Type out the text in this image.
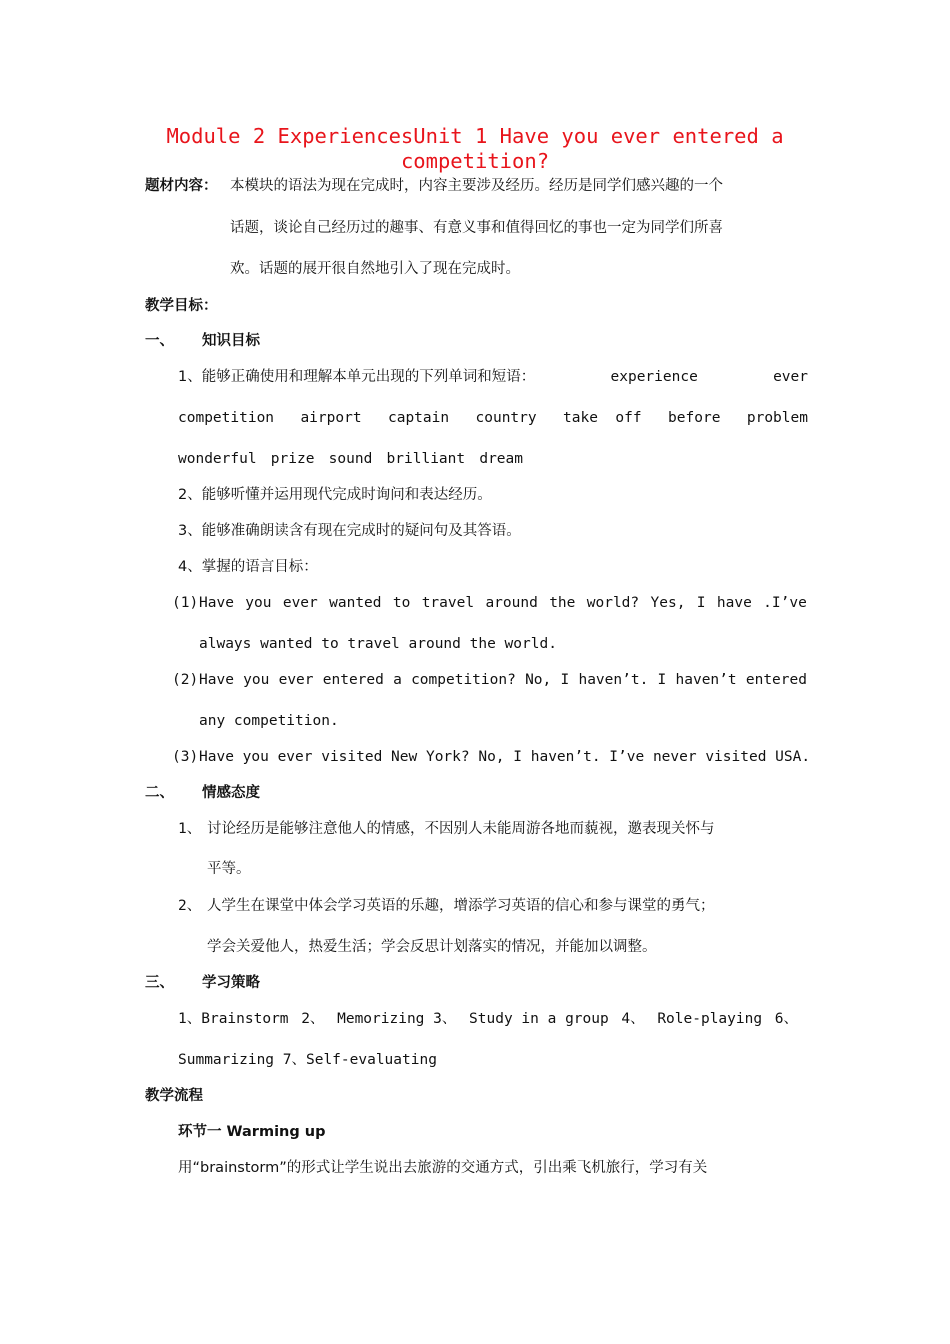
Module 2 ExperiencesUnit 1 Have you ever entered a competition?
题材内容： 本模块的语法为现在完成时，内容主要涉及经历。经历是同学们感兴趣的一个
话题，谈论自己经历过的趣事、有意义事和值得回忆的事也一定为同学们所喜
欢。话题的展开很自然地引入了现在完成时。
教学目标：
一、 知识目标
1、能够正确使用和理解本单元出现的下列单词和短语：	experience	ever
competition airport captain country take  off before problem
wonderful prize sound brilliant dream
2、能够听懂并运用现代完成时询问和表达经历。
3、能够准确朗读含有现在完成时的疑问句及其答语。
4、掌握的语言目标：
(1) Have you ever wanted to travel around the world? Yes, I have .I’ve
always wanted to travel around the world.
(2) Have you ever entered a competition? No, I haven’t. I haven’t entered
any competition.
(3) Have you ever visited New York? No, I haven’t. I’ve never visited USA.
二、 情感态度
1、 讨论经历是能够注意他人的情感，不因别人未能周游各地而藐视，邀表现关怀与
平等。
2、 人学生在课堂中体会学习英语的乐趣，增添学习英语的信心和参与课堂的勇气；
学会关爱他人，热爱生活；学会反思计划落实的情况，并能加以调整。
三、 学习策略
1、Brainstorm 2、 Memorizing 3、 Study in a group 4、 Role-playing 6、
Summarizing 7、Self-evaluating
教学流程
环节一 Warming up
用“brainstorm”的形式让学生说出去旅游的交通方式，引出乘飞机旅行，学习有关
